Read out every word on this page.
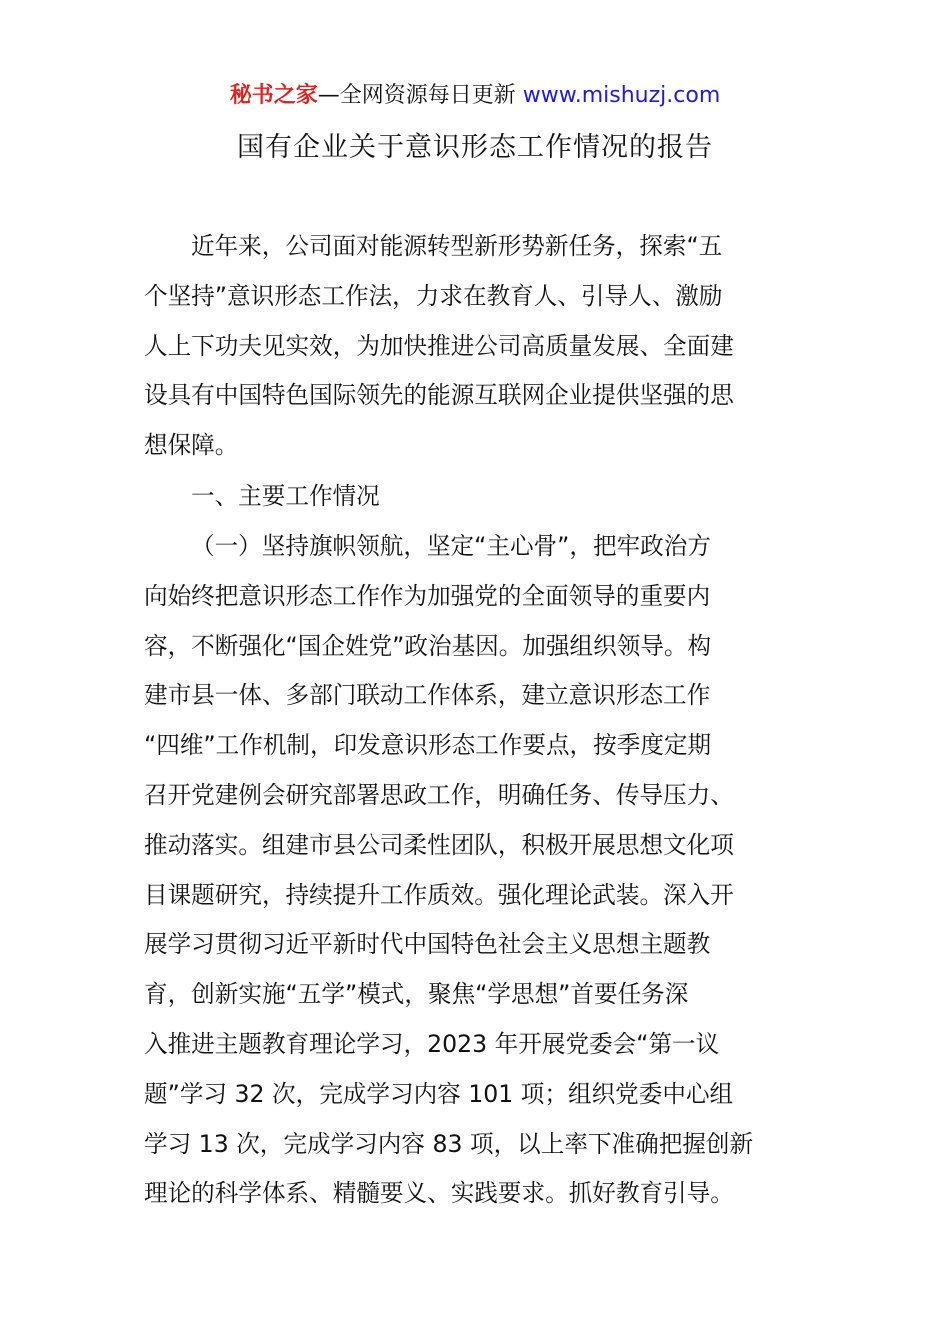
秘书之家—全网资源每日更新 www.mishuzj.com
国有企业关于意识形态工作情况的报告
近年来，公司面对能源转型新形势新任务，探索“五
个坚持”意识形态工作法，力求在教育人、引导人、激励
人上下功夫见实效，为加快推进公司高质量发展、全面建
设具有中国特色国际领先的能源互联网企业提供坚强的思
想保障。
一、主要工作情况
（一）坚持旗帜领航，坚定“主心骨”，把牢政治方
向始终把意识形态工作作为加强党的全面领导的重要内
容，不断强化“国企姓党”政治基因。加强组织领导。构
建市县一体、多部门联动工作体系，建立意识形态工作
“四维”工作机制，印发意识形态工作要点，按季度定期
召开党建例会研究部署思政工作，明确任务、传导压力、
推动落实。组建市县公司柔性团队，积极开展思想文化项
目课题研究，持续提升工作质效。强化理论武装。深入开
展学习贯彻习近平新时代中国特色社会主义思想主题教
育，创新实施“五学”模式，聚焦“学思想”首要任务深
入推进主题教育理论学习，2023 年开展党委会“第一议
题”学习 32 次，完成学习内容 101 项；组织党委中心组
学习 13 次，完成学习内容 83 项，以上率下准确把握创新
理论的科学体系、精髓要义、实践要求。抓好教育引导。
